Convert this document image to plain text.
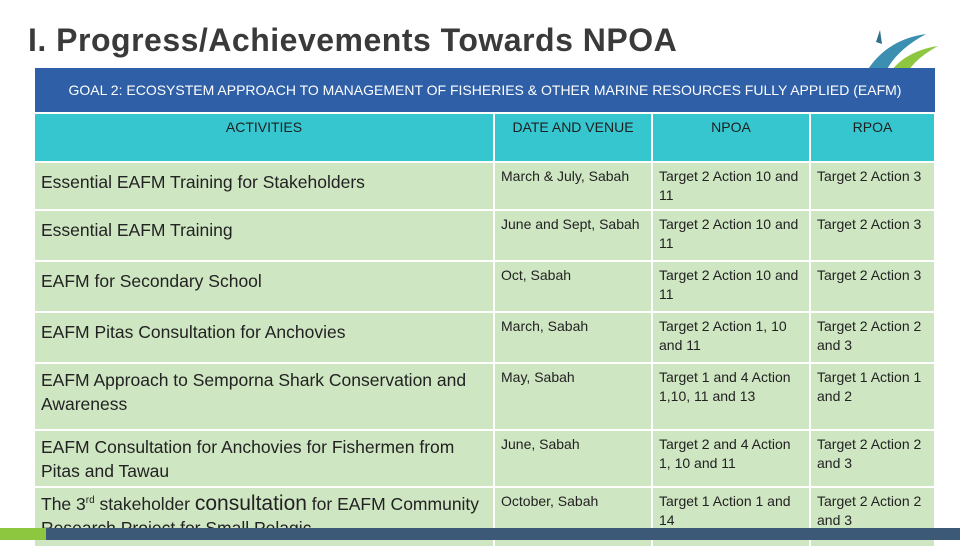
I. Progress/Achievements Towards NPOA
GOAL 2: ECOSYSTEM APPROACH TO MANAGEMENT OF FISHERIES & OTHER MARINE RESOURCES FULLY APPLIED (EAFM)
ACTIVITIES	DATE AND VENUE	NPOA	RPOA
Essential EAFM Training for Stakeholders	March & July, Sabah	Target 2 Action 10 and 11	Target 2 Action 3
Essential EAFM Training	June and Sept, Sabah	Target 2 Action 10 and 11	Target 2 Action 3
EAFM for Secondary School	Oct, Sabah	Target 2 Action 10 and 11	Target 2 Action 3
EAFM Pitas Consultation for Anchovies	March, Sabah	Target 2 Action 1, 10 and 11	Target 2 Action 2 and 3
EAFM Approach to Semporna Shark Conservation and Awareness	May, Sabah	Target 1 and 4 Action 1,10, 11 and 13	Target 1 Action 1 and 2
EAFM Consultation for Anchovies for Fishermen from Pitas and Tawau	June, Sabah	Target 2 and 4 Action 1, 10 and 11	Target 2 Action 2 and 3
The 3rd stakeholder consultation for EAFM Community	October, Sabah	Target 1 Action 1 and 14	Target 2 Action 2 and 3
